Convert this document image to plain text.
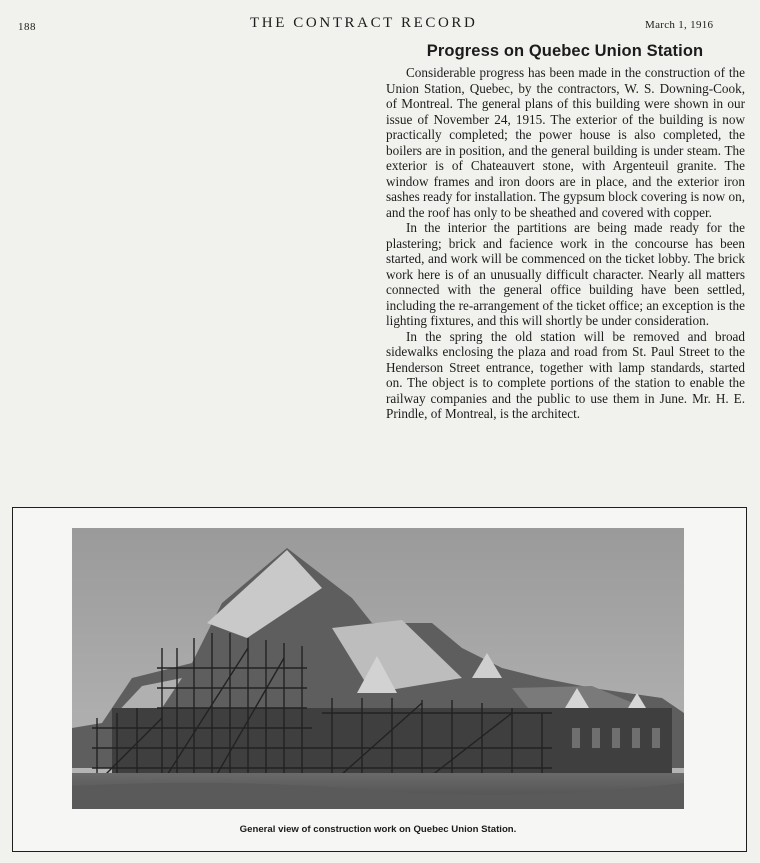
188	THE CONTRACT RECORD	March 1, 1916
Progress on Quebec Union Station

Considerable progress has been made in the construction of the Union Station, Quebec, by the contractors, W. S. Downing-Cook, of Montreal. The general plans of this building were shown in our issue of November 24, 1915. The exterior of the building is now practically completed; the power house is also completed, the boilers are in position, and the general building is under steam. The exterior is of Chateauvert stone, with Argenteuil granite. The window frames and iron doors are in place, and the exterior iron sashes ready for installation. The gypsum block covering is now on, and the roof has only to be sheathed and covered with copper.

In the interior the partitions are being made ready for the plastering; brick and facience work in the concourse has been started, and work will be commenced on the ticket lobby. The brick work here is of an unusually difficult character. Nearly all matters connected with the general office building have been settled, including the re-arrangement of the ticket office; an exception is the lighting fixtures, and this will shortly be under consideration.

In the spring the old station will be removed and broad sidewalks enclosing the plaza and road from St. Paul Street to the Henderson Street entrance, together with lamp standards, started on. The object is to complete portions of the station to enable the railway companies and the public to use them in June. Mr. H. E. Prindle, of Montreal, is the architect.

General view of construction work on Quebec Union Station.
